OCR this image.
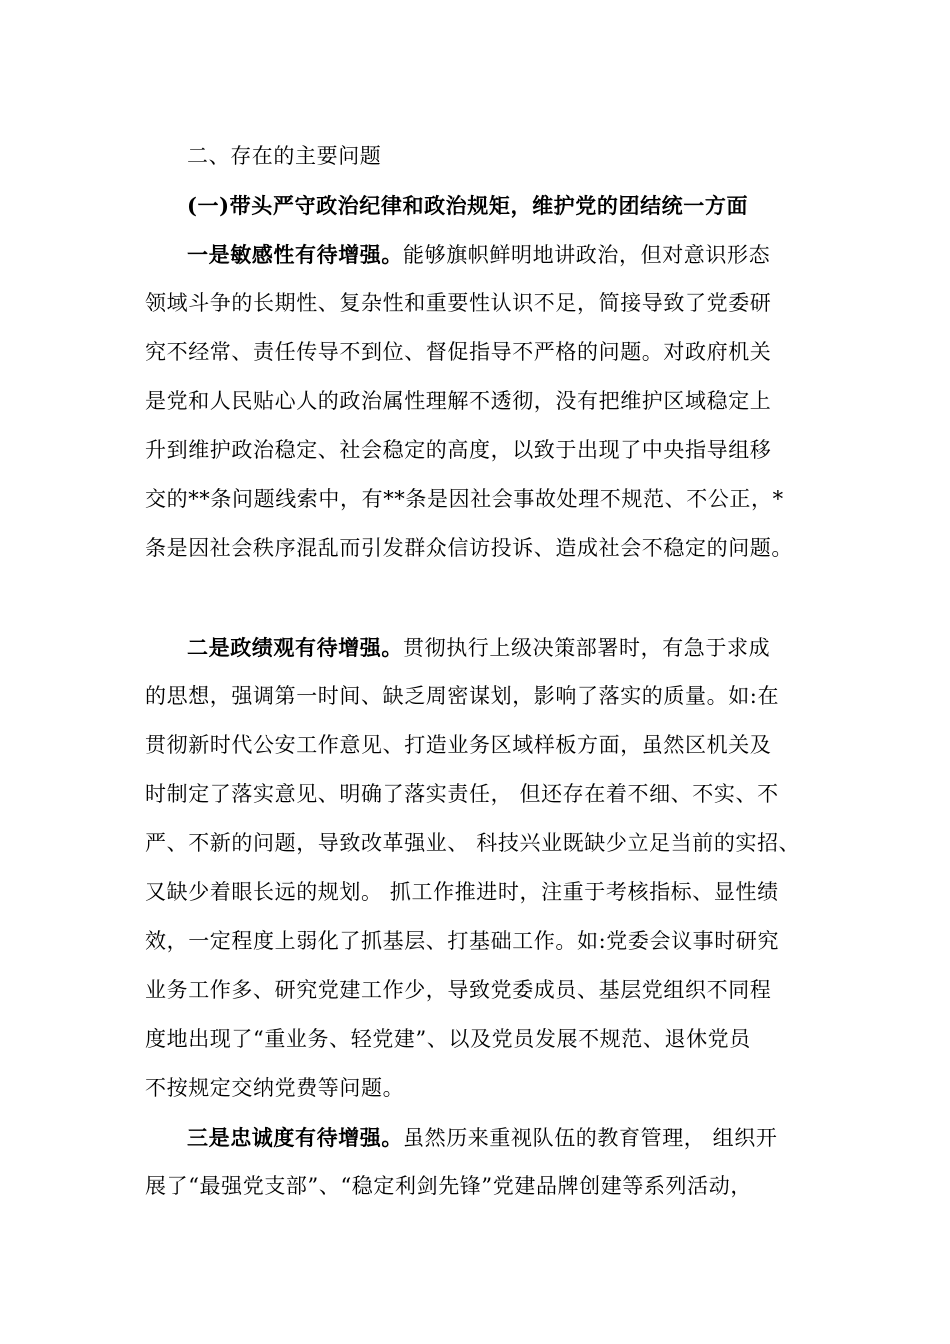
二、存在的主要问题
(一)带头严守政治纪律和政治规矩，维护党的团结统一方面
一是敏感性有待增强。能够旗帜鲜明地讲政治，但对意识形态
领域斗争的长期性、复杂性和重要性认识不足，简接导致了党委研
究不经常、责任传导不到位、督促指导不严格的问题。对政府机关
是党和人民贴心人的政治属性理解不透彻，没有把维护区域稳定上
升到维护政治稳定、社会稳定的高度，以致于出现了中央指导组移
交的**条问题线索中，有**条是因社会事故处理不规范、不公正，*
条是因社会秩序混乱而引发群众信访投诉、造成社会不稳定的问题。
二是政绩观有待增强。贯彻执行上级决策部署时，有急于求成
的思想，强调第一时间、缺乏周密谋划，影响了落实的质量。如:在
贯彻新时代公安工作意见、打造业务区域样板方面，虽然区机关及
时制定了落实意见、明确了落实责任， 但还存在着不细、不实、不
严、不新的问题，导致改革强业、 科技兴业既缺少立足当前的实招、
又缺少着眼长远的规划。 抓工作推进时，注重于考核指标、显性绩
效，一定程度上弱化了抓基层、打基础工作。如:党委会议事时研究
业务工作多、研究党建工作少，导致党委成员、基层党组织不同程
度地出现了“重业务、轻党建”、以及党员发展不规范、退休党员
不按规定交纳党费等问题。
三是忠诚度有待增强。虽然历来重视队伍的教育管理， 组织开
展了“最强党支部”、“稳定利剑先锋”党建品牌创建等系列活动，
